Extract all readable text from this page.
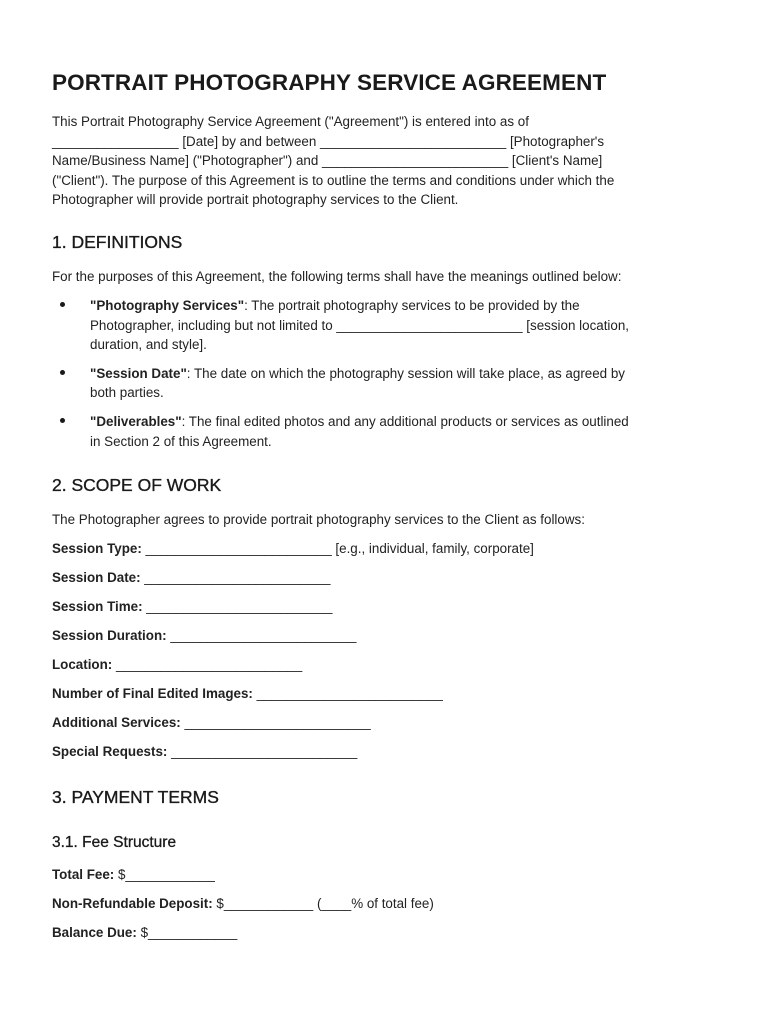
PORTRAIT PHOTOGRAPHY SERVICE AGREEMENT

This Portrait Photography Service Agreement ("Agreement") is entered into as of
_________________ [Date] by and between _________________________ [Photographer's
Name/Business Name] ("Photographer") and _________________________ [Client's Name]
("Client"). The purpose of this Agreement is to outline the terms and conditions under which the
Photographer will provide portrait photography services to the Client.

1. DEFINITIONS

For the purposes of this Agreement, the following terms shall have the meanings outlined below:

"Photography Services": The portrait photography services to be provided by the
Photographer, including but not limited to _________________________ [session location,
duration, and style].
"Session Date": The date on which the photography session will take place, as agreed by
both parties.
"Deliverables": The final edited photos and any additional products or services as outlined
in Section 2 of this Agreement.
2. SCOPE OF WORK

The Photographer agrees to provide portrait photography services to the Client as follows:

Session Type: _________________________ [e.g., individual, family, corporate]

Session Date: _________________________

Session Time: _________________________

Session Duration: _________________________

Location: _________________________

Number of Final Edited Images: _________________________

Additional Services: _________________________

Special Requests: _________________________

3. PAYMENT TERMS
3.1. Fee Structure

Total Fee: $____________

Non-Refundable Deposit: $____________ (____% of total fee)

Balance Due: $____________
